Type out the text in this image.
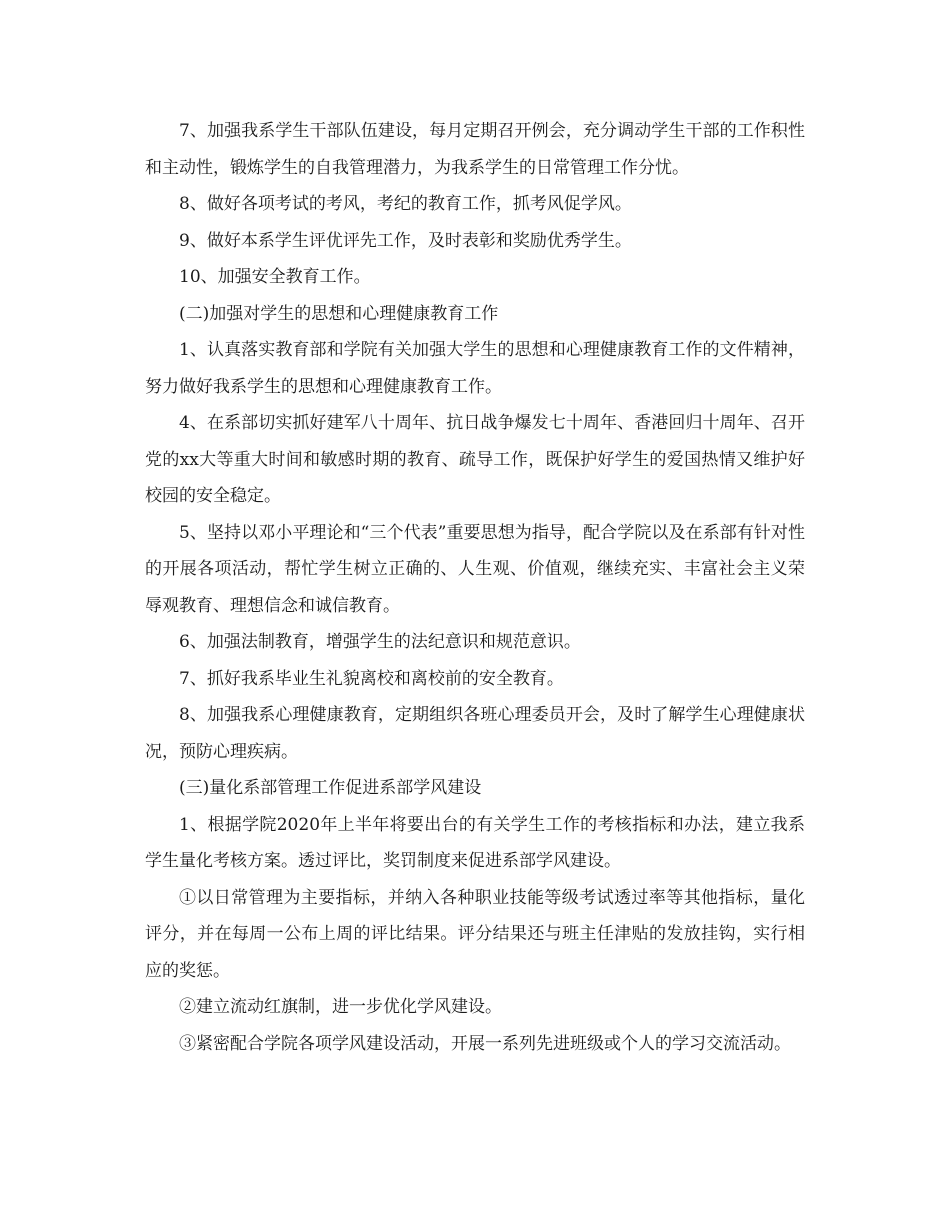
7、加强我系学生干部队伍建设，每月定期召开例会，充分调动学生干部的工作积性和主动性，锻炼学生的自我管理潜力，为我系学生的日常管理工作分忧。

8、做好各项考试的考风，考纪的教育工作，抓考风促学风。

9、做好本系学生评优评先工作，及时表彰和奖励优秀学生。

10、加强安全教育工作。

(二)加强对学生的思想和心理健康教育工作

1、认真落实教育部和学院有关加强大学生的思想和心理健康教育工作的文件精神，努力做好我系学生的思想和心理健康教育工作。

4、在系部切实抓好建军八十周年、抗日战争爆发七十周年、香港回归十周年、召开党的xx大等重大时间和敏感时期的教育、疏导工作，既保护好学生的爱国热情又维护好校园的安全稳定。

5、坚持以邓小平理论和“三个代表”重要思想为指导，配合学院以及在系部有针对性的开展各项活动，帮忙学生树立正确的、人生观、价值观，继续充实、丰富社会主义荣辱观教育、理想信念和诚信教育。

6、加强法制教育，增强学生的法纪意识和规范意识。

7、抓好我系毕业生礼貌离校和离校前的安全教育。

8、加强我系心理健康教育，定期组织各班心理委员开会，及时了解学生心理健康状况，预防心理疾病。

(三)量化系部管理工作促进系部学风建设

1、根据学院2020年上半年将要出台的有关学生工作的考核指标和办法，建立我系学生量化考核方案。透过评比，奖罚制度来促进系部学风建设。

①以日常管理为主要指标，并纳入各种职业技能等级考试透过率等其他指标，量化评分，并在每周一公布上周的评比结果。评分结果还与班主任津贴的发放挂钩，实行相应的奖惩。

②建立流动红旗制，进一步优化学风建设。

③紧密配合学院各项学风建设活动，开展一系列先进班级或个人的学习交流活动。
